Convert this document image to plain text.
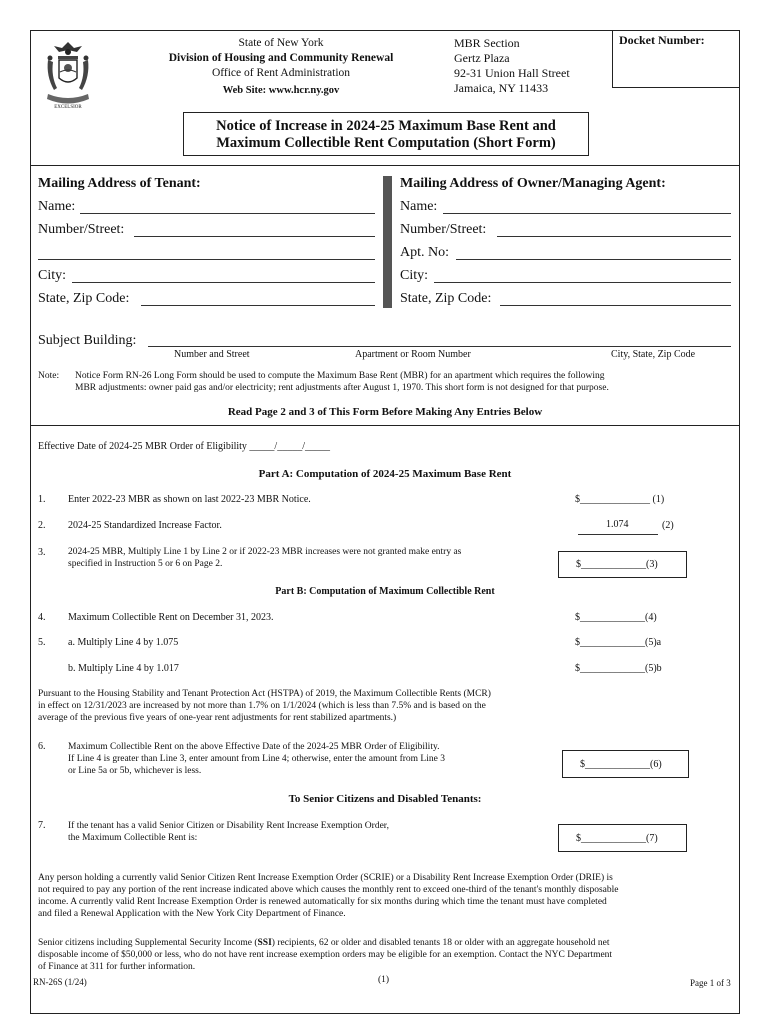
EXCELSIOR
State of New York
Division of Housing and Community Renewal
Office of Rent Administration
Web Site: www.hcr.ny.gov
MBR Section
Gertz Plaza
92-31 Union Hall Street
Jamaica, NY 11433
Docket Number:
Notice of Increase in 2024-25 Maximum Base Rent and
Maximum Collectible Rent Computation (Short Form)
Mailing Address of Tenant:
Name:
Number/Street:
City:
State, Zip Code:
Mailing Address of Owner/Managing Agent:
Name:
Number/Street:
Apt. No:
City:
State, Zip Code:
Subject Building:
Number and Street	Apartment or Room Number	City, State, Zip Code
Note: Notice Form RN-26 Long Form should be used to compute the Maximum Base Rent (MBR) for an apartment which requires the following
MBR adjustments: owner paid gas and/or electricity; rent adjustments after August 1, 1970. This short form is not designed for that purpose.
Read Page 2 and 3 of This Form Before Making Any Entries Below
Effective Date of 2024-25 MBR Order of Eligibility _____/_____/_____
Part A: Computation of 2024-25 Maximum Base Rent
1. Enter 2022-23 MBR as shown on last 2022-23 MBR Notice.	$______________ (1)
2. 2024-25 Standardized Increase Factor.	1.074	(2)
3. 2024-25 MBR, Multiply Line 1 by Line 2 or if 2022-23 MBR increases were not granted make entry as
specified in Instruction 5 or 6 on Page 2.	$_____________(3)
Part B: Computation of Maximum Collectible Rent
4. Maximum Collectible Rent on December 31, 2023.	$_____________(4)
5. a. Multiply Line 4 by 1.075	$_____________(5)a
b. Multiply Line 4 by 1.017	$_____________(5)b
Pursuant to the Housing Stability and Tenant Protection Act (HSTPA) of 2019, the Maximum Collectible Rents (MCR)
in effect on 12/31/2023 are increased by not more than 1.7% on 1/1/2024 (which is less than 7.5% and is based on the
average of the previous five years of one-year rent adjustments for rent stabilized apartments.)
6. Maximum Collectible Rent on the above Effective Date of the 2024-25 MBR Order of Eligibility.
If Line 4 is greater than Line 3, enter amount from Line 4; otherwise, enter the amount from Line 3
or Line 5a or 5b, whichever is less.
$_____________(6)
To Senior Citizens and Disabled Tenants:
7. If the tenant has a valid Senior Citizen or Disability Rent Increase Exemption Order,
the Maximum Collectible Rent is:	$_____________(7)
Any person holding a currently valid Senior Citizen Rent Increase Exemption Order (SCRIE) or a Disability Rent Increase Exemption Order (DRIE) is
not required to pay any portion of the rent increase indicated above which causes the monthly rent to exceed one-third of the tenant's monthly disposable
income. A currently valid Rent Increase Exemption Order is renewed automatically for six months during which time the tenant must have completed
and filed a Renewal Application with the New York City Department of Finance.
Senior citizens including Supplemental Security Income (SSI) recipients, 62 or older and disabled tenants 18 or older with an aggregate household net
disposable income of $50,000 or less, who do not have rent increase exemption orders may be eligible for an exemption. Contact the NYC Department
of Finance at 311 for further information.
RN-26S (1/24)	(1)	Page 1 of 3
